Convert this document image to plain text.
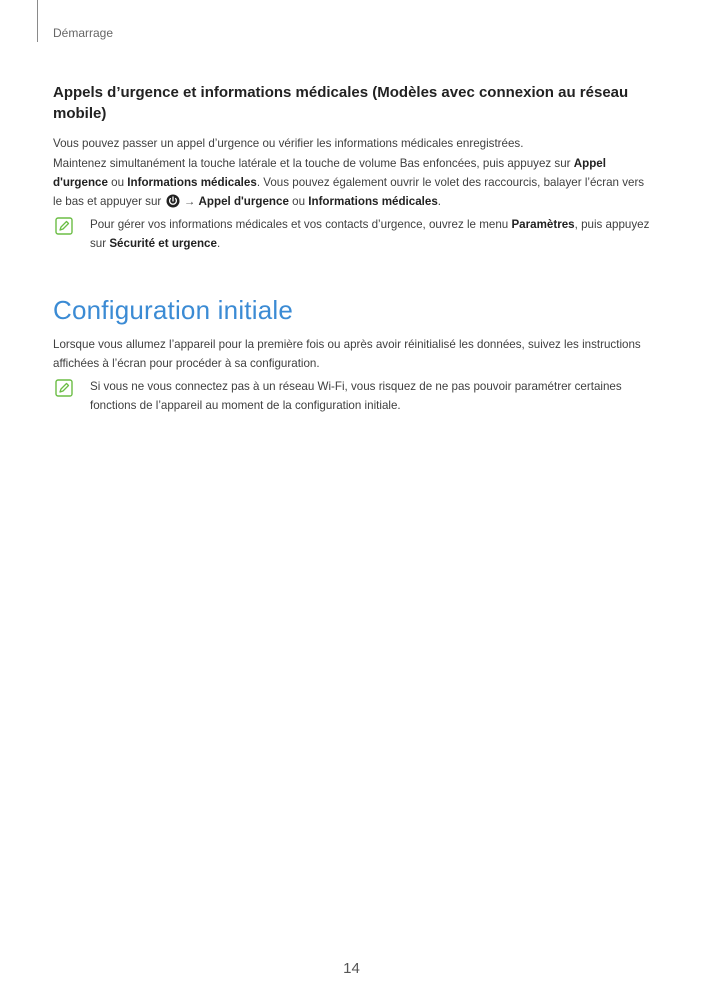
Démarrage
Appels d’urgence et informations médicales (Modèles avec connexion au réseau mobile)

Vous pouvez passer un appel d’urgence ou vérifier les informations médicales enregistrées.

Maintenez simultanément la touche latérale et la touche de volume Bas enfoncées, puis appuyez sur Appel d'urgence ou Informations médicales. Vous pouvez également ouvrir le volet des raccourcis, balayer l’écran vers le bas et appuyer sur  → Appel d'urgence ou Informations médicales.

Pour gérer vos informations médicales et vos contacts d’urgence, ouvrez le menu Paramètres, puis appuyez sur Sécurité et urgence.

Configuration initiale

Lorsque vous allumez l’appareil pour la première fois ou après avoir réinitialisé les données, suivez les instructions affichées à l’écran pour procéder à sa configuration.

Si vous ne vous connectez pas à un réseau Wi-Fi, vous risquez de ne pas pouvoir paramétrer certaines fonctions de l’appareil au moment de la configuration initiale.

14
